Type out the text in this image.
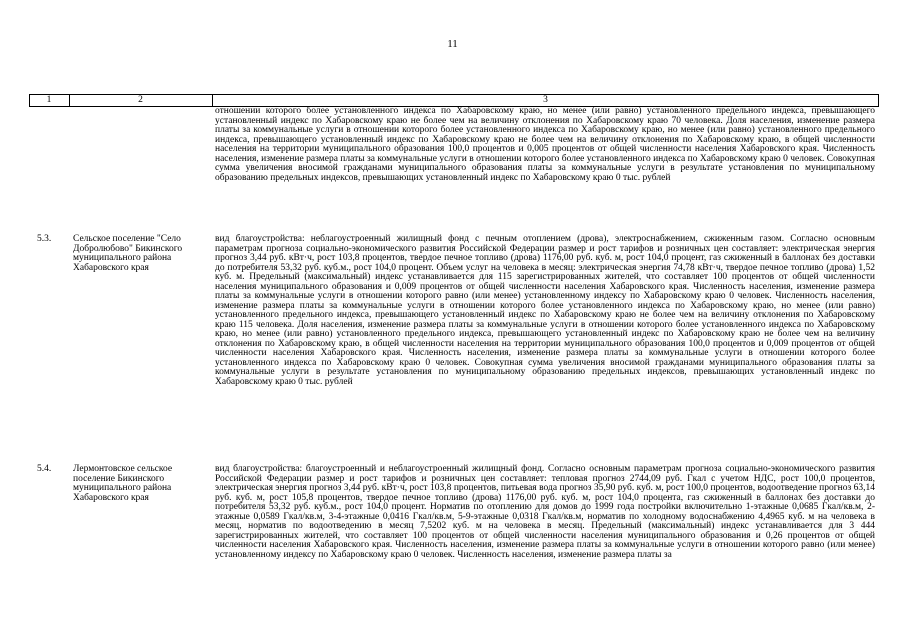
11
1	2	3

отношении которого более установленного индекса по Хабаровскому краю, но менее (или равно) установленного предельного индекса, превышающего установленный индекс по Хабаровскому краю не более чем на величину отклонения по Хабаровскому краю 70 человека. Доля населения, изменение размера платы за коммунальные услуги в отношении которого более установленного индекса по Хабаровскому краю, но менее (или равно) установленного предельного индекса, превышающего установленный индекс по Хабаровскому краю не более чем на величину отклонения по Хабаровскому краю, в общей численности населения на территории муниципального образования 100,0 процентов и 0,005 процентов от общей численности населения Хабаровского края. Численность населения, изменение размера платы за коммунальные услуги в отношении которого более установленного индекса по Хабаровскому краю 0 человек. Совокупная сумма увеличения вносимой гражданами муниципального образования платы за коммунальные услуги в результате установления по муниципальному образованию предельных индексов, превышающих установленный индекс по Хабаровскому краю 0 тыс. рублей

5.3. Сельское поселение "Село Добролюбово" Бикинского муниципального района Хабаровского края

вид благоустройства: неблагоустроенный жилищный фонд с печным отоплением (дрова), электроснабжением, сжиженным газом. Согласно основным параметрам прогноза социально-экономического развития Российской Федерации размер и рост тарифов и розничных цен составляет: электрическая энергия прогноз 3,44 руб. кВт·ч, рост 103,8 процентов, твердое печное топливо (дрова) 1176,00 руб. куб. м, рост 104,0 процент, газ сжиженный в баллонах без доставки до потребителя 53,32 руб. куб.м., рост 104,0 процент. Объем услуг на человека в месяц: электрическая энергия 74,78 кВт·ч, твердое печное топливо (дрова) 1,52 куб. м. Предельный (максимальный) индекс устанавливается для 115 зарегистрированных жителей, что составляет 100 процентов от общей численности населения муниципального образования и 0,009 процентов от общей численности населения Хабаровского края. Численность населения, изменение размера платы за коммунальные услуги в отношении которого равно (или менее) установленному индексу по Хабаровскому краю 0 человек. Численность населения, изменение размера платы за коммунальные услуги в отношении которого более установленного индекса по Хабаровскому краю, но менее (или равно) установленного предельного индекса, превышающего установленный индекс по Хабаровскому краю не более чем на величину отклонения по Хабаровскому краю 115 человека. Доля населения, изменение размера платы за коммунальные услуги в отношении которого более установленного индекса по Хабаровскому краю, но менее (или равно) установленного предельного индекса, превышающего установленный индекс по Хабаровскому краю не более чем на величину отклонения по Хабаровскому краю, в общей численности населения на территории муниципального образования 100,0 процентов и 0,009 процентов от общей численности населения Хабаровского края. Численность населения, изменение размера платы за коммунальные услуги в отношении которого более установленного индекса по Хабаровскому краю 0 человек. Совокупная сумма увеличения вносимой гражданами муниципального образования платы за коммунальные услуги в результате установления по муниципальному образованию предельных индексов, превышающих установленный индекс по Хабаровскому краю 0 тыс. рублей

5.4. Лермонтовское сельское поселение Бикинского муниципального района Хабаровского края

вид благоустройства: благоустроенный и неблагоустроенный жилищный фонд. Согласно основным параметрам прогноза социально-экономического развития Российской Федерации размер и рост тарифов и розничных цен составляет: тепловая прогноз 2744,09 руб. Гкал с учетом НДС, рост 100,0 процентов, электрическая энергия прогноз 3,44 руб. кВт·ч, рост 103,8 процентов, питьевая вода прогноз 35,90 руб. куб. м, рост 100,0 процентов, водоотведение прогноз 63,14 руб. куб. м, рост 105,8 процентов, твердое печное топливо (дрова) 1176,00 руб. куб. м, рост 104,0 процента, газ сжиженный в баллонах без доставки до потребителя 53,32 руб. куб.м., рост 104,0 процент. Норматив по отоплению для домов до 1999 года постройки включительно 1-этажные 0,0685 Гкал/кв.м, 2-этажные 0,0589 Гкал/кв.м, 3-4-этажные 0,0416 Гкал/кв.м, 5-9-этажные 0,0318 Гкал/кв.м, норматив по холодному водоснабжению 4,4965 куб. м на человека в месяц, норматив по водоотведению в месяц 7,5202 куб. м на человека в месяц. Предельный (максимальный) индекс устанавливается для 3 444 зарегистрированных жителей, что составляет 100 процентов от общей численности населения муниципального образования и 0,26 процентов от общей численности населения Хабаровского края. Численность населения, изменение размера платы за коммунальные услуги в отношении которого равно (или менее) установленному индексу по Хабаровскому краю 0 человек. Численность населения, изменение размера платы за
